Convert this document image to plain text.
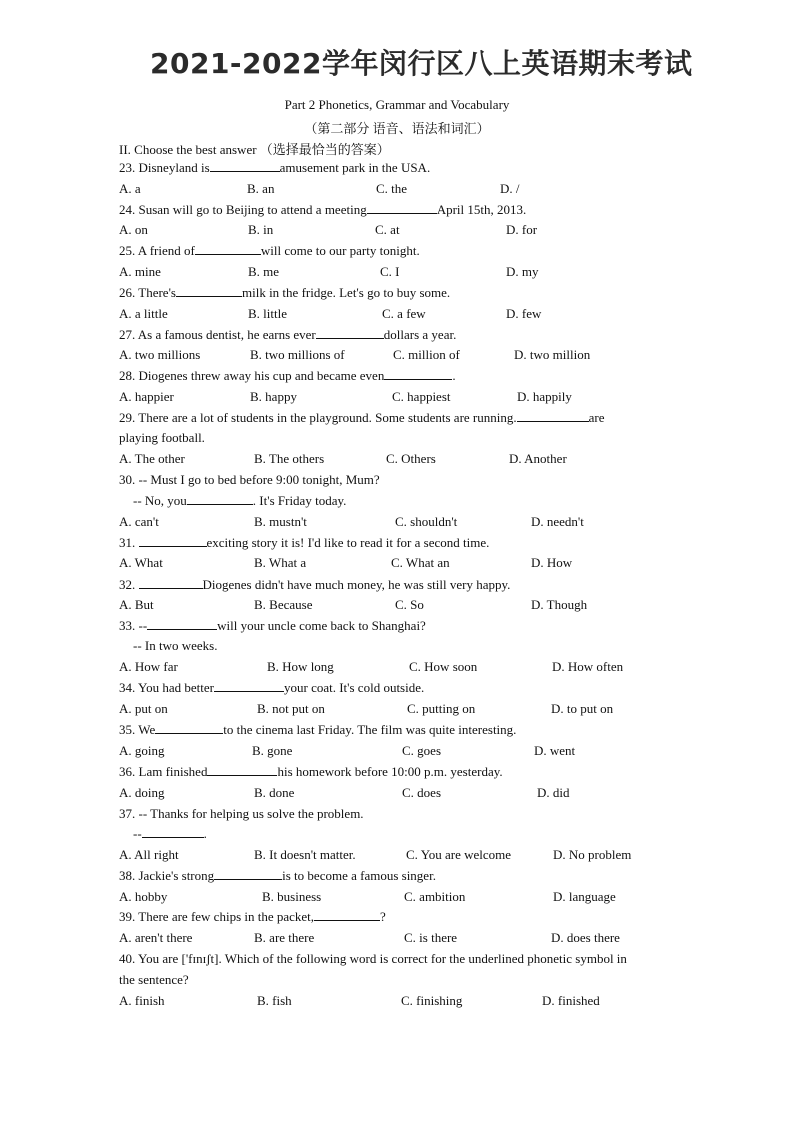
2021-2022学年闵行区八上英语期末考试
Part 2 Phonetics, Grammar and Vocabulary
（第二部分 语音、语法和词汇）
II. Choose the best answer （选择最恰当的答案）
23. Disneyland is	amusement park in the USA.
A. a	B. an	C. the	D. /
24. Susan will go to Beijing to attend a meeting	April 15th, 2013.
A. on	B. in	C. at	D. for
25. A friend of	will come to our party tonight.
A. mine	B. me	C. I	D. my
26. There's	milk in the fridge. Let's go to buy some.
A. a little	B. little	C. a few	D. few
27. As a famous dentist, he earns ever	dollars a year.
A. two millions	B. two millions of	C. million of	D. two million
28. Diogenes threw away his cup and became even	.
A. happier	B. happy	C. happiest	D. happily
29. There are a lot of students in the playground. Some students are running.	are
playing football.
A. The other	B. The others	C. Others	D. Another
30. -- Must I go to bed before 9:00 tonight, Mum?
-- No, you	. It's Friday today.
A. can't	B. mustn't	C. shouldn't	D. needn't
31.	exciting story it is! I'd like to read it for a second time.
A. What	B. What a	C. What an	D. How
32.	Diogenes didn't have much money, he was still very happy.
A. But	B. Because	C. So	D. Though
33. --	will your uncle come back to Shanghai?
-- In two weeks.
A. How far	B. How long	C. How soon	D. How often
34. You had better	your coat. It's cold outside.
A. put on	B. not put on	C. putting on	D. to put on
35. We	to the cinema last Friday. The film was quite interesting.
A. going	B. gone	C. goes	D. went
36. Lam finished	his homework before 10:00 p.m. yesterday.
A. doing	B. done	C. does	D. did
37. -- Thanks for helping us solve the problem.
--	.
A. All right	B. It doesn't matter.	C. You are welcome	D. No problem
38. Jackie's strong	is to become a famous singer.
A. hobby	B. business	C. ambition	D. language
39. There are few chips in the packet,	?
A. aren't there	B. are there	C. is there	D. does there
40. You are ['fɪnɪʃt]. Which of the following word is correct for the underlined phonetic symbol in
the sentence?
A. finish	B. fish	C. finishing	D. finished
